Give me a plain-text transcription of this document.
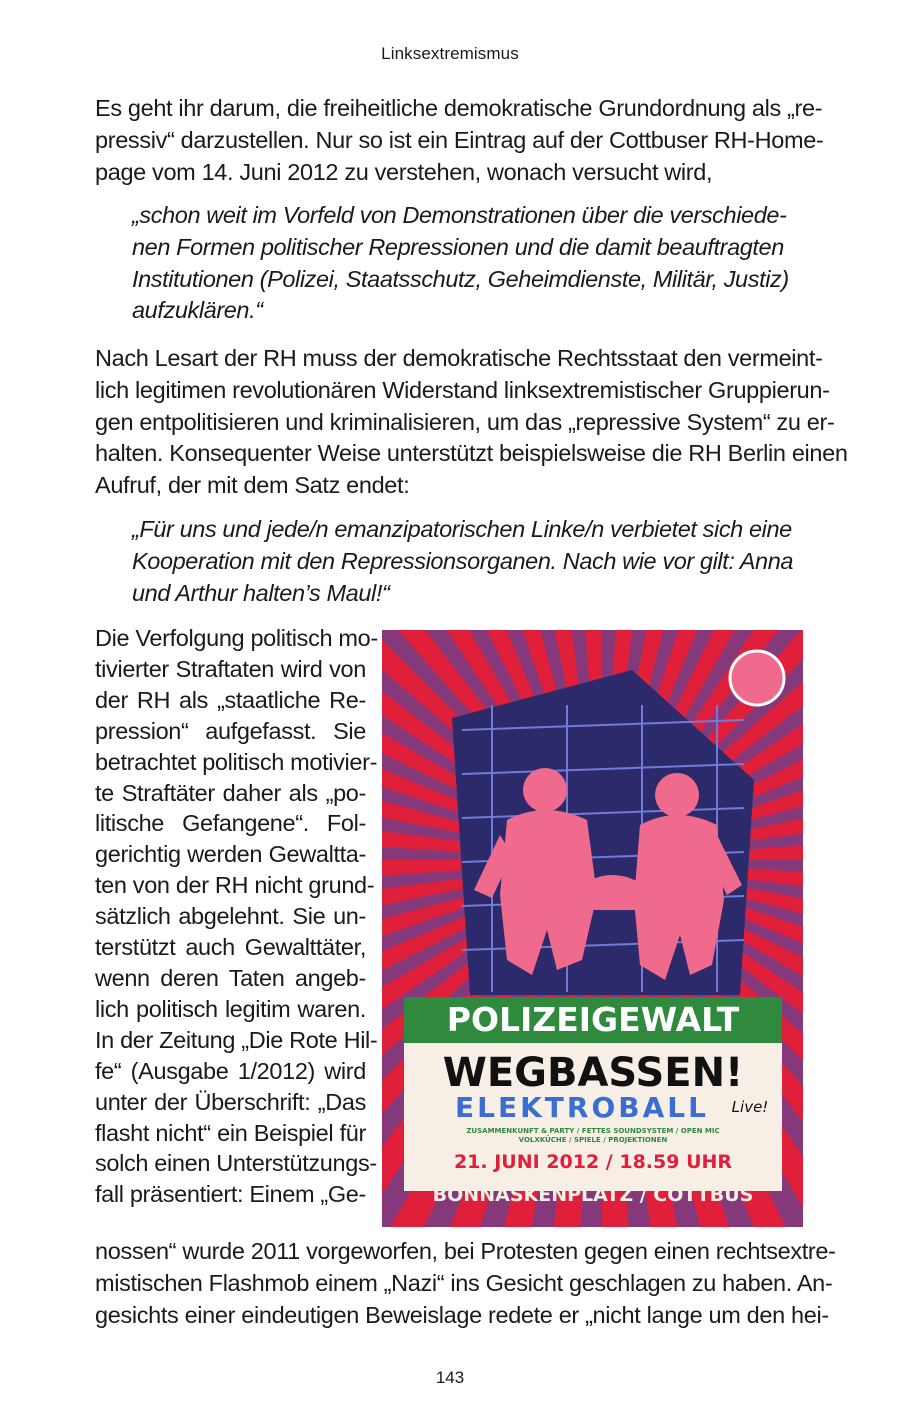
Linksextremismus

Es geht ihr darum, die freiheitliche demokratische Grundordnung als „re-
pressiv“ darzustellen. Nur so ist ein Eintrag auf der Cottbuser RH-Home-
page vom 14. Juni 2012 zu verstehen, wonach versucht wird,

„schon weit im Vorfeld von Demonstrationen über die verschiede-
nen Formen politischer Repressionen und die damit beauftragten
Institutionen (Polizei, Staatsschutz, Geheimdienste, Militär, Justiz)
aufzuklären.“

Nach Lesart der RH muss der demokratische Rechtsstaat den vermeint-
lich legitimen revolutionären Widerstand linksextremistischer Gruppierun-
gen entpolitisieren und kriminalisieren, um das „repressive System“ zu er-
halten. Konsequenter Weise unterstützt beispielsweise die RH Berlin einen
Aufruf, der mit dem Satz endet:

„Für uns und jede/n emanzipatorischen Linke/n verbietet sich eine
Kooperation mit den Repressionsorganen. Nach wie vor gilt: Anna
und Arthur halten’s Maul!“

Die Verfolgung politisch mo-
tivierter Straftaten wird von
der RH als „staatliche Re-
pression“ aufgefasst. Sie
betrachtet politisch motivier-
te Straftäter daher als „po-
litische Gefangene“. Fol-
gerichtig werden Gewaltta-
ten von der RH nicht grund-
sätzlich abgelehnt. Sie un-
terstützt auch Gewalttäter,
wenn deren Taten angeb-
lich politisch legitim waren.
In der Zeitung „Die Rote Hil-
fe“ (Ausgabe 1/2012) wird
unter der Überschrift: „Das
flasht nicht“ ein Beispiel für
solch einen Unterstützungs-
fall präsentiert: Einem „Ge-
POLIZEIGEWALT
WEGBASSEN!
ELEKTROBALL Live!
ZUSAMMENKUNFT & PARTY / FETTES SOUNDSYSTEM / OPEN MIC
VOLXKÜCHE / SPIELE / PROJEKTIONEN
21. JUNI 2012 / 18.59 UHR
BONNASKENPLATZ / COTTBUS

nossen“ wurde 2011 vorgeworfen, bei Protesten gegen einen rechtsextre-
mistischen Flashmob einem „Nazi“ ins Gesicht geschlagen zu haben. An-
gesichts einer eindeutigen Beweislage redete er „nicht lange um den hei-

143
